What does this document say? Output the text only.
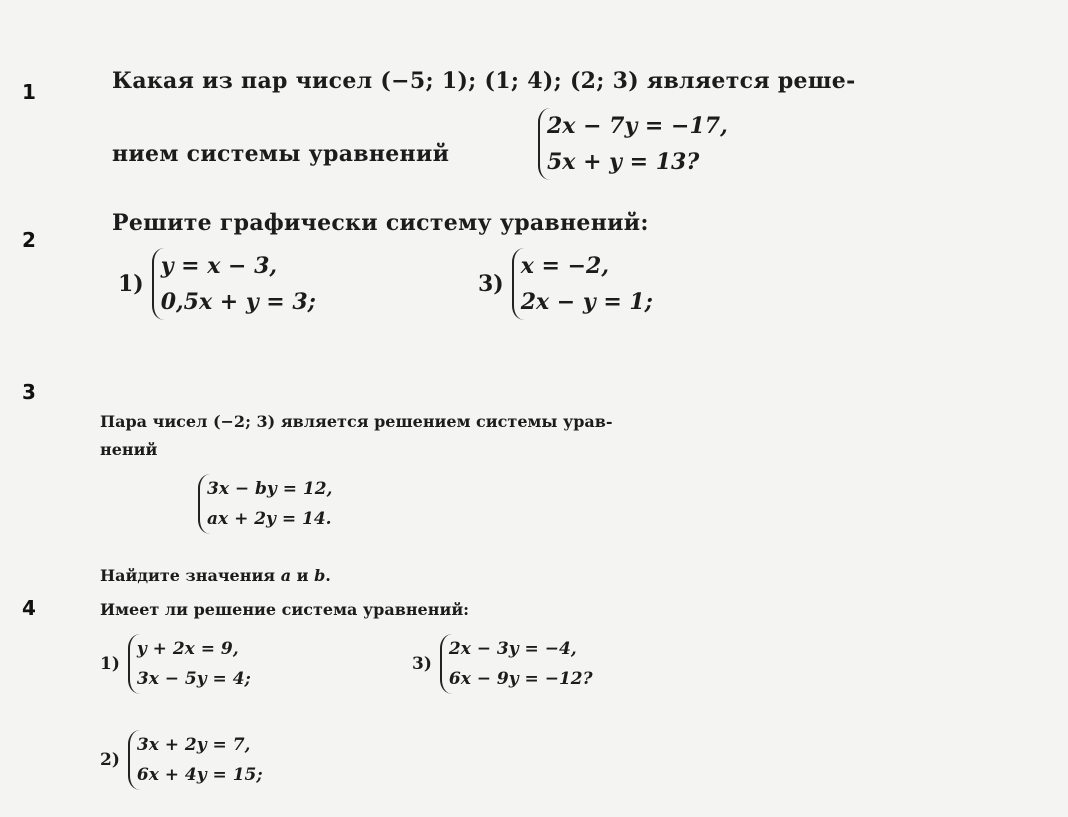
1	Какая из пар чисел (−5; 1); (1; 4); (2; 3) является реше-
нием системы уравнений
2x − 7y = −17,
5x + y = 13?
Решите графически систему уравнений:
2
1)
y = x − 3,
0,5x + y = 3;
3)
x = −2,
2x − y = 1;
3
Пара чисел (−2; 3) является решением системы урав-
нений
3x − by = 12,
ax + 2y = 14.
Найдите значения a и b.
4	Имеет ли решение система уравнений:
1)
y + 2x = 9,
3x − 5y = 4;
3)
2x − 3y = −4,
6x − 9y = −12?
2)
3x + 2y = 7,
6x + 4y = 15;
